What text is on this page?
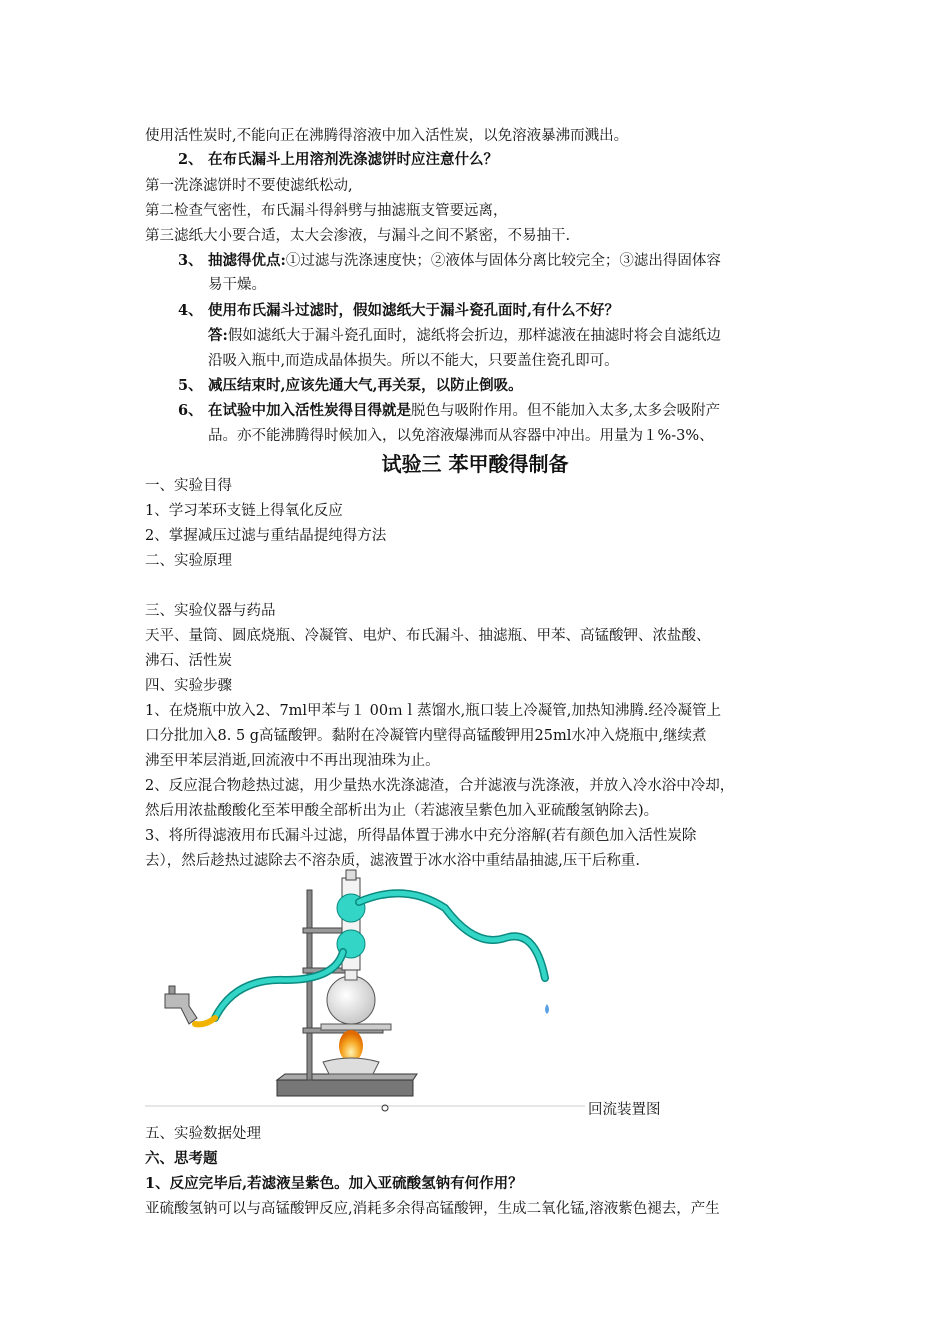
使用活性炭时,不能向正在沸腾得溶液中加入活性炭，以免溶液暴沸而溅出。
2、 在布氏漏斗上用溶剂洗涤滤饼时应注意什么？
第一洗涤滤饼时不要使滤纸松动,
第二检查气密性，布氏漏斗得斜劈与抽滤瓶支管要远离，
第三滤纸大小要合适，太大会渗液，与漏斗之间不紧密，不易抽干.
3、 抽滤得优点:①过滤与洗涤速度快；②液体与固体分离比较完全；③滤出得固体容
易干燥。
4、 使用布氏漏斗过滤时，假如滤纸大于漏斗瓷孔面时,有什么不好？
答:假如滤纸大于漏斗瓷孔面时，滤纸将会折边，那样滤液在抽滤时将会自滤纸边
沿吸入瓶中,而造成晶体损失。所以不能大，只要盖住瓷孔即可。
5、 减压结束时,应该先通大气,再关泵，以防止倒吸。
6、 在试验中加入活性炭得目得就是脱色与吸附作用。但不能加入太多,太多会吸附产
品。亦不能沸腾得时候加入，以免溶液爆沸而从容器中冲出。用量为１%-3%、
试验三 苯甲酸得制备
一、实验目得
1、学习苯环支链上得氧化反应
2、掌握减压过滤与重结晶提纯得方法
二、实验原理
三、实验仪器与药品
天平、量筒、圆底烧瓶、冷凝管、电炉、布氏漏斗、抽滤瓶、甲苯、高锰酸钾、浓盐酸、
沸石、活性炭
四、实验步骤
1、在烧瓶中放入2、7ml甲苯与１ 00ｍｌ蒸馏水,瓶口装上冷凝管,加热知沸腾.经冷凝管上
口分批加入8. 5 g高锰酸钾。黏附在冷凝管内壁得高锰酸钾用25ml水冲入烧瓶中,继续煮
沸至甲苯层消逝,回流液中不再出现油珠为止。
2、反应混合物趁热过滤，用少量热水洗涤滤渣，合并滤液与洗涤液，并放入冷水浴中冷却，
然后用浓盐酸酸化至苯甲酸全部析出为止（若滤液呈紫色加入亚硫酸氢钠除去)。
3、将所得滤液用布氏漏斗过滤，所得晶体置于沸水中充分溶解(若有颜色加入活性炭除
去），然后趁热过滤除去不溶杂质，滤液置于冰水浴中重结晶抽滤,压干后称重.
回流装置图
五、实验数据处理
六、思考题
1、反应完毕后,若滤液呈紫色。加入亚硫酸氢钠有何作用？
亚硫酸氢钠可以与高锰酸钾反应,消耗多余得高锰酸钾，生成二氧化锰,溶液紫色褪去，产生
